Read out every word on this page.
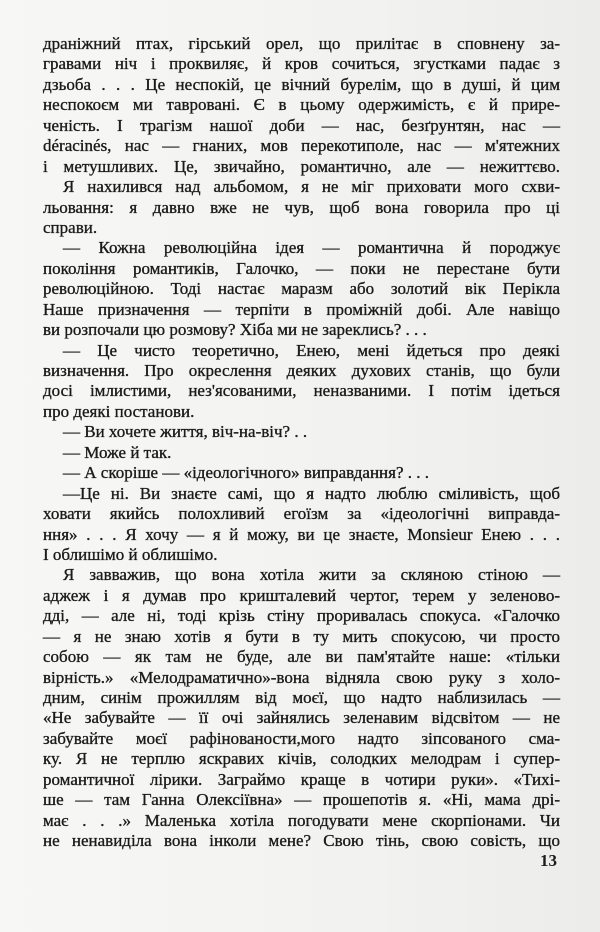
драніжний птах, гірський орел, що прилітає в сповнену за-
гравами ніч і проквиляє, й кров сочиться, згустками падає з
дзьоба . . . Це неспокій, це вічний бурелім, що в душі, й цим
неспокоєм ми тавровані. Є в цьому одержимість, є й прире-
ченість. І трагізм нашої доби — нас, безґрунтян, нас —
déracinés, нас — гнаних, мов перекотиполе, нас — м'ятежних
і метушливих. Це, звичайно, романтично, але — нежиттєво.
Я нахилився над альбомом, я не міг приховати мого схви-
льовання: я давно вже не чув, щоб вона говорила про ці
справи.
— Кожна революційна ідея — романтична й породжує
покоління романтиків, Галочко, — поки не перестане бути
революційною. Тоді настає маразм або золотий вік Перікла
Наше призначення — терпіти в проміжній добі. Але навіщо
ви розпочали цю розмову? Хіба ми не зареклись? . . .
— Це чисто теоретично, Енею, мені йдеться про деякі
визначення. Про окреслення деяких духових станів, що були
досі імлистими, нез'ясованими, неназваними. І потім ідеться
про деякі постанови.
— Ви хочете життя, віч-на-віч? . .
— Може й так.
— А скоріше — «ідеологічного» виправдання? . . .
—Це ні. Ви знаєте самі, що я надто люблю сміливість, щоб
ховати якийсь полохливий егоїзм за «ідеологічні виправда-
ння» . . . Я хочу — я й можу, ви це знаєте, Monsieur Енею . . .
І облишімо й облишімо.
Я завважив, що вона хотіла жити за скляною стіною —
аджеж і я думав про кришталевий чертог, терем у зеленово-
дді, — але ні, тоді крізь стіну проривалась спокуса. «Галочко
— я не знаю хотів я бути в ту мить спокусою, чи просто
собою — як там не буде, але ви пам'ятайте наше: «тільки
вірність.» «Мелодраматично»-вона відняла свою руку з холо-
дним, синім прожиллям від моєї, що надто наблизилась —
«Не забувайте — її очі зайнялись зеленавим відсвітом — не
забувайте моєї рафінованости,мого надто зіпсованого сма-
ку. Я не терплю яскравих кічів, солодких мелодрам і супер-
романтичної лірики. Заграймо краще в чотири руки». «Тихі-
ше — там Ганна Олексіївна» — прошепотів я. «Ні, мама дрі-
має . . .» Маленька хотіла погодувати мене скорпіонами. Чи
не ненавиділа вона інколи мене? Свою тінь, свою совість, що
13
